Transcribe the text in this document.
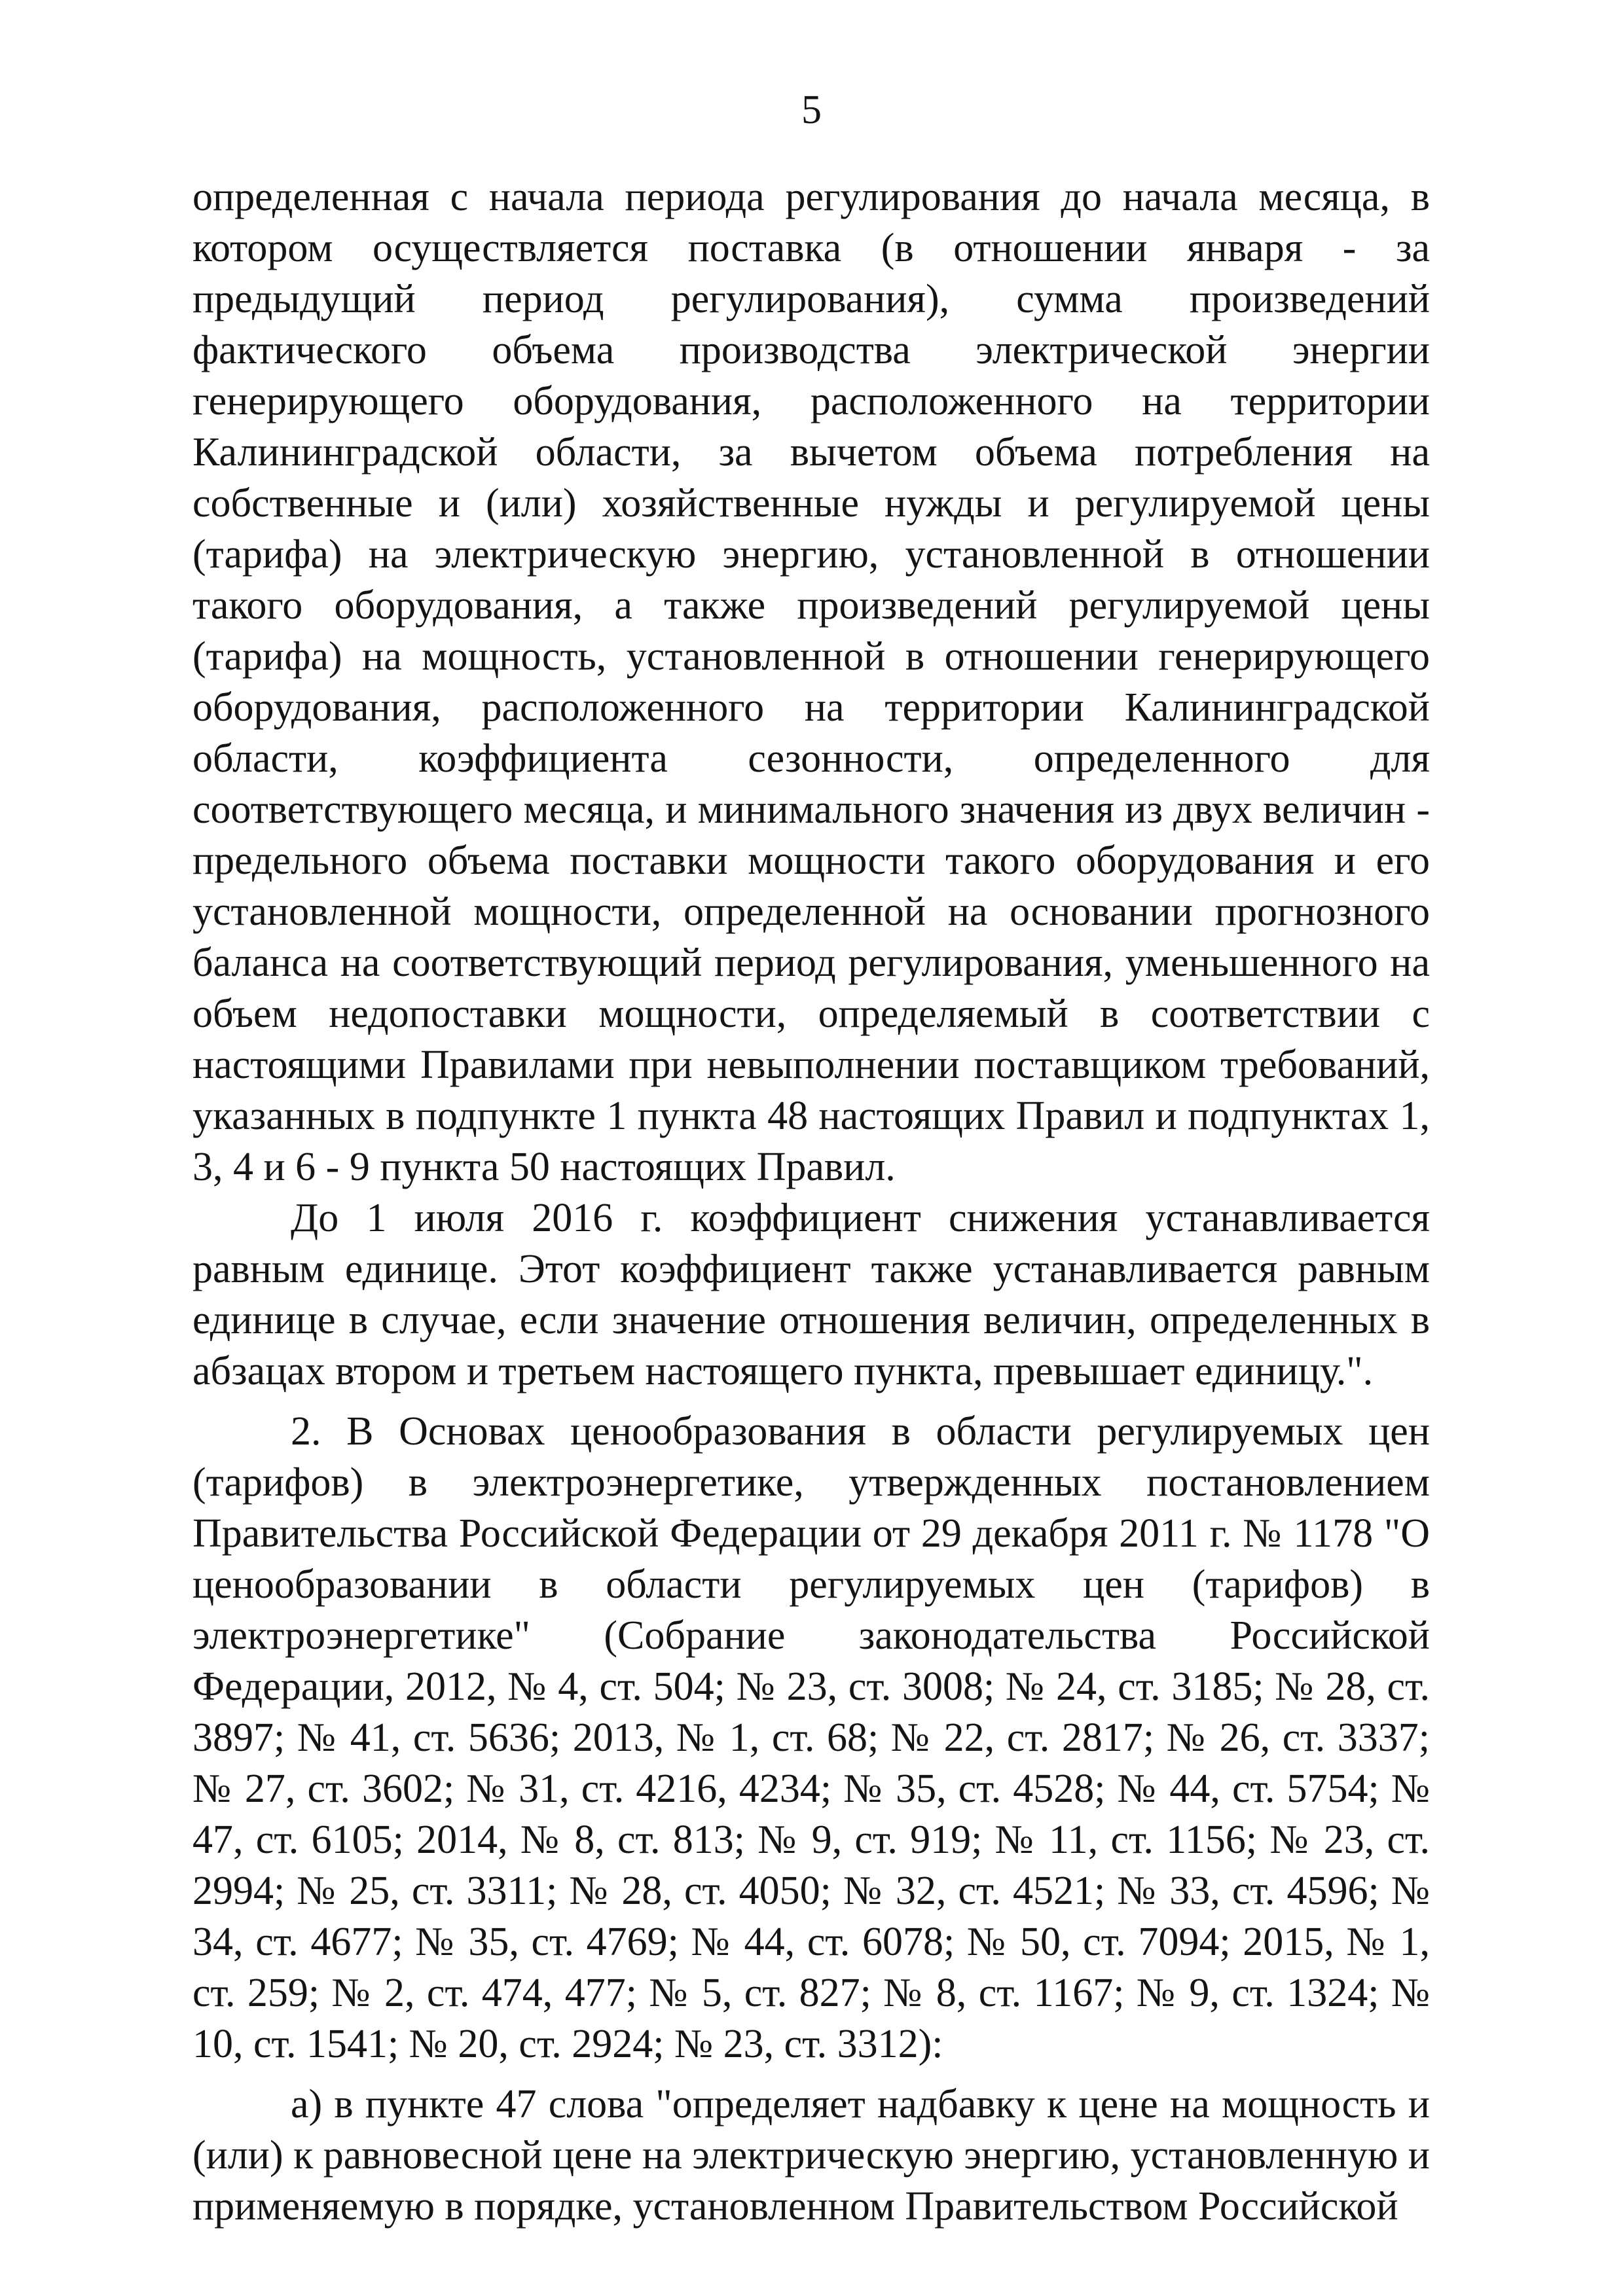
5

определенная с начала периода регулирования до начала месяца, в котором осуществляется поставка (в отношении января - за предыдущий период регулирования), сумма произведений фактического объема производства электрической энергии генерирующего оборудования, расположенного на территории Калининградской области, за вычетом объема потребления на собственные и (или) хозяйственные нужды и регулируемой цены (тарифа) на электрическую энергию, установленной в отношении такого оборудования, а также произведений регулируемой цены (тарифа) на мощность, установленной в отношении генерирующего оборудования, расположенного на территории Калининградской области, коэффициента сезонности, определенного для соответствующего месяца, и минимального значения из двух величин - предельного объема поставки мощности такого оборудования и его установленной мощности, определенной на основании прогнозного баланса на соответствующий период регулирования, уменьшенного на объем недопоставки мощности, определяемый в соответствии с настоящими Правилами при невыполнении поставщиком требований, указанных в подпункте 1 пункта 48 настоящих Правил и подпунктах 1, 3, 4 и 6 - 9 пункта 50 настоящих Правил.

До 1 июля 2016 г. коэффициент снижения устанавливается равным единице. Этот коэффициент также устанавливается равным единице в случае, если значение отношения величин, определенных в абзацах втором и третьем настоящего пункта, превышает единицу.".

2. В Основах ценообразования в области регулируемых цен (тарифов) в электроэнергетике, утвержденных постановлением Правительства Российской Федерации от 29 декабря 2011 г. № 1178 "О ценообразовании в области регулируемых цен (тарифов) в электроэнергетике" (Собрание законодательства Российской Федерации, 2012, № 4, ст. 504; № 23, ст. 3008; № 24, ст. 3185; № 28, ст. 3897; № 41, ст. 5636; 2013, № 1, ст. 68; № 22, ст. 2817; № 26, ст. 3337; № 27, ст. 3602; № 31, ст. 4216, 4234; № 35, ст. 4528; № 44, ст. 5754; № 47, ст. 6105; 2014, № 8, ст. 813; № 9, ст. 919; № 11, ст. 1156; № 23, ст. 2994; № 25, ст. 3311; № 28, ст. 4050; № 32, ст. 4521; № 33, ст. 4596; № 34, ст. 4677; № 35, ст. 4769; № 44, ст. 6078; № 50, ст. 7094; 2015, № 1, ст. 259; № 2, ст. 474, 477; № 5, ст. 827; № 8, ст. 1167; № 9, ст. 1324; № 10, ст. 1541; № 20, ст. 2924; № 23, ст. 3312):

а) в пункте 47 слова "определяет надбавку к цене на мощность и (или) к равновесной цене на электрическую энергию, установленную и применяемую в порядке, установленном Правительством Российской
